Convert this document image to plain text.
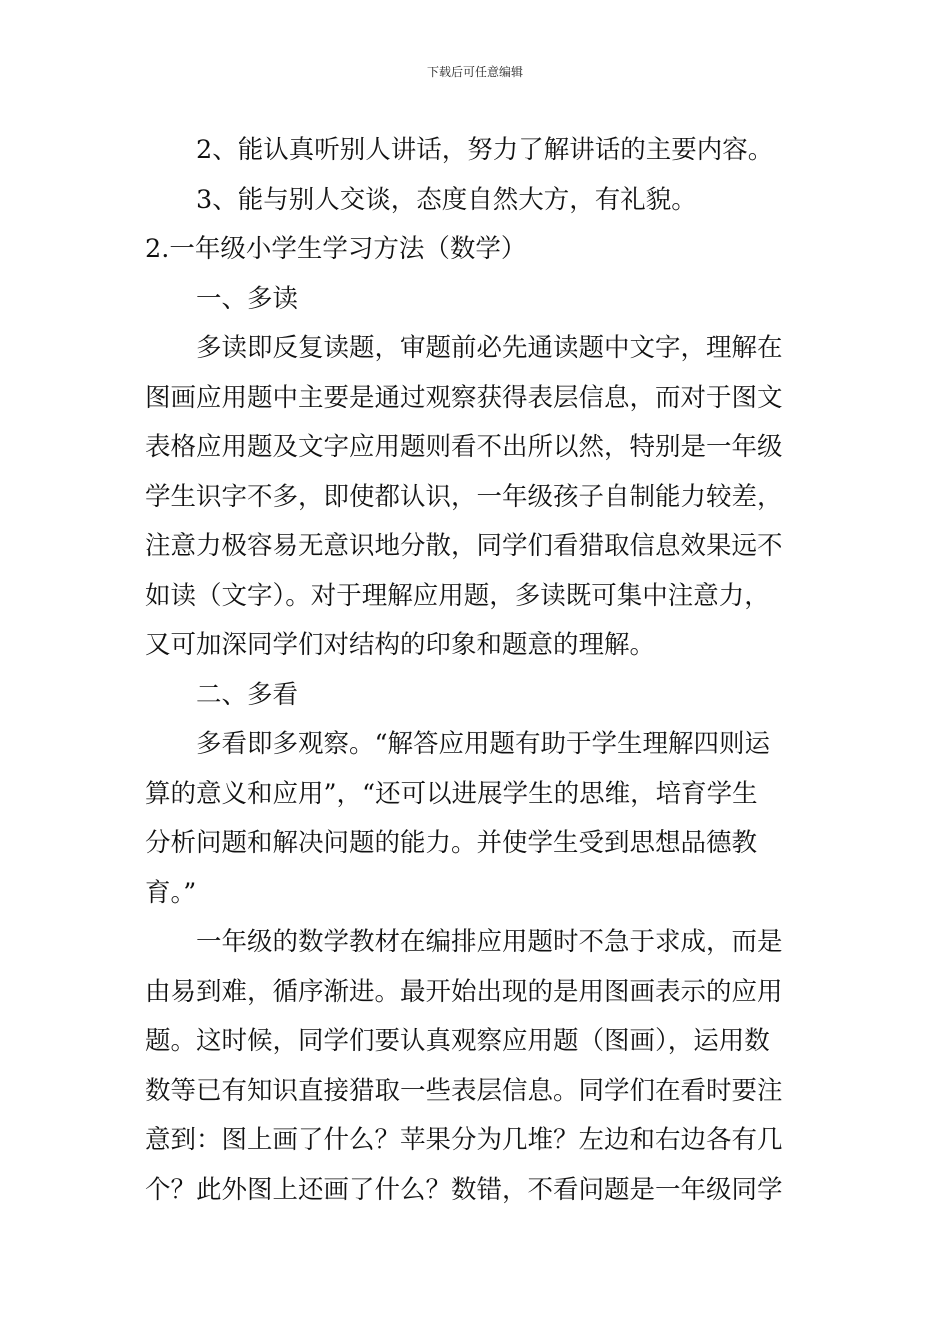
下载后可任意编辑
2、能认真听别人讲话，努力了解讲话的主要内容。
3、能与别人交谈，态度自然大方，有礼貌。
2.一年级小学生学习方法（数学）
一、多读
多读即反复读题，审题前必先通读题中文字，理解在
图画应用题中主要是通过观察获得表层信息，而对于图文
表格应用题及文字应用题则看不出所以然，特别是一年级
学生识字不多，即使都认识，一年级孩子自制能力较差，
注意力极容易无意识地分散，同学们看猎取信息效果远不
如读（文字）。对于理解应用题，多读既可集中注意力，
又可加深同学们对结构的印象和题意的理解。
二、多看
多看即多观察。“解答应用题有助于学生理解四则运
算的意义和应用”，“还可以进展学生的思维，培育学生
分析问题和解决问题的能力。并使学生受到思想品德教
育。”
一年级的数学教材在编排应用题时不急于求成，而是
由易到难，循序渐进。最开始出现的是用图画表示的应用
题。这时候，同学们要认真观察应用题（图画），运用数
数等已有知识直接猎取一些表层信息。同学们在看时要注
意到：图上画了什么？苹果分为几堆？左边和右边各有几
个？此外图上还画了什么？数错，不看问题是一年级同学
